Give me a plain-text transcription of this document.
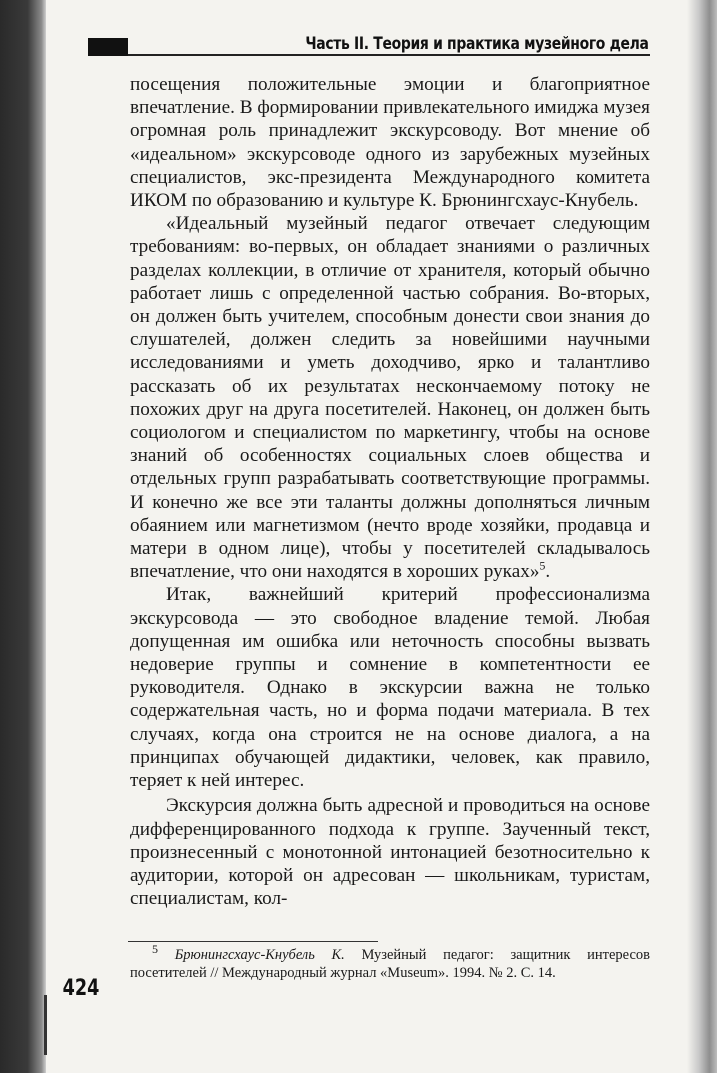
Часть II. Теория и практика музейного дела

посещения положительные эмоции и благоприятное впечатление. В формировании привлекательного имиджа музея огромная роль принадлежит экскурсоводу. Вот мнение об «идеальном» экскурсоводе одного из зарубежных музейных специалистов, экс-президента Международного комитета ИКОМ по образованию и культуре К. Брюнингсхаус-Кнубель.

«Идеальный музейный педагог отвечает следующим требованиям: во-первых, он обладает знаниями о различных разделах коллекции, в отличие от хранителя, который обычно работает лишь с определенной частью собрания. Во-вторых, он должен быть учителем, способным донести свои знания до слушателей, должен следить за новейшими научными исследованиями и уметь доходчиво, ярко и талантливо рассказать об их результатах нескончаемому потоку не похожих друг на друга посетителей. Наконец, он должен быть социологом и специалистом по маркетингу, чтобы на основе знаний об особенностях социальных слоев общества и отдельных групп разрабатывать соответствующие программы. И конечно же все эти таланты должны дополняться личным обаянием или магнетизмом (нечто вроде хозяйки, продавца и матери в одном лице), чтобы у посетителей складывалось впечатление, что они находятся в хороших руках»$^5$.

Итак, важнейший критерий профессионализма экскурсовода — это свободное владение темой. Любая допущенная им ошибка или неточность способны вызвать недоверие группы и сомнение в компетентности ее руководителя. Однако в экскурсии важна не только содержательная часть, но и форма подачи материала. В тех случаях, когда она строится не на основе диалога, а на принципах обучающей дидактики, человек, как правило, теряет к ней интерес.

Экскурсия должна быть адресной и проводиться на основе дифференцированного подхода к группе. Заученный текст, произнесенный с монотонной интонацией безотносительно к аудитории, которой он адресован — школьникам, туристам, специалистам, кол-

$^5$ Брюнингсхаус-Кнубель К. Музейный педагог: защитник интересов посетителей // Международный журнал «Museum». 1994. № 2. С. 14.
424
